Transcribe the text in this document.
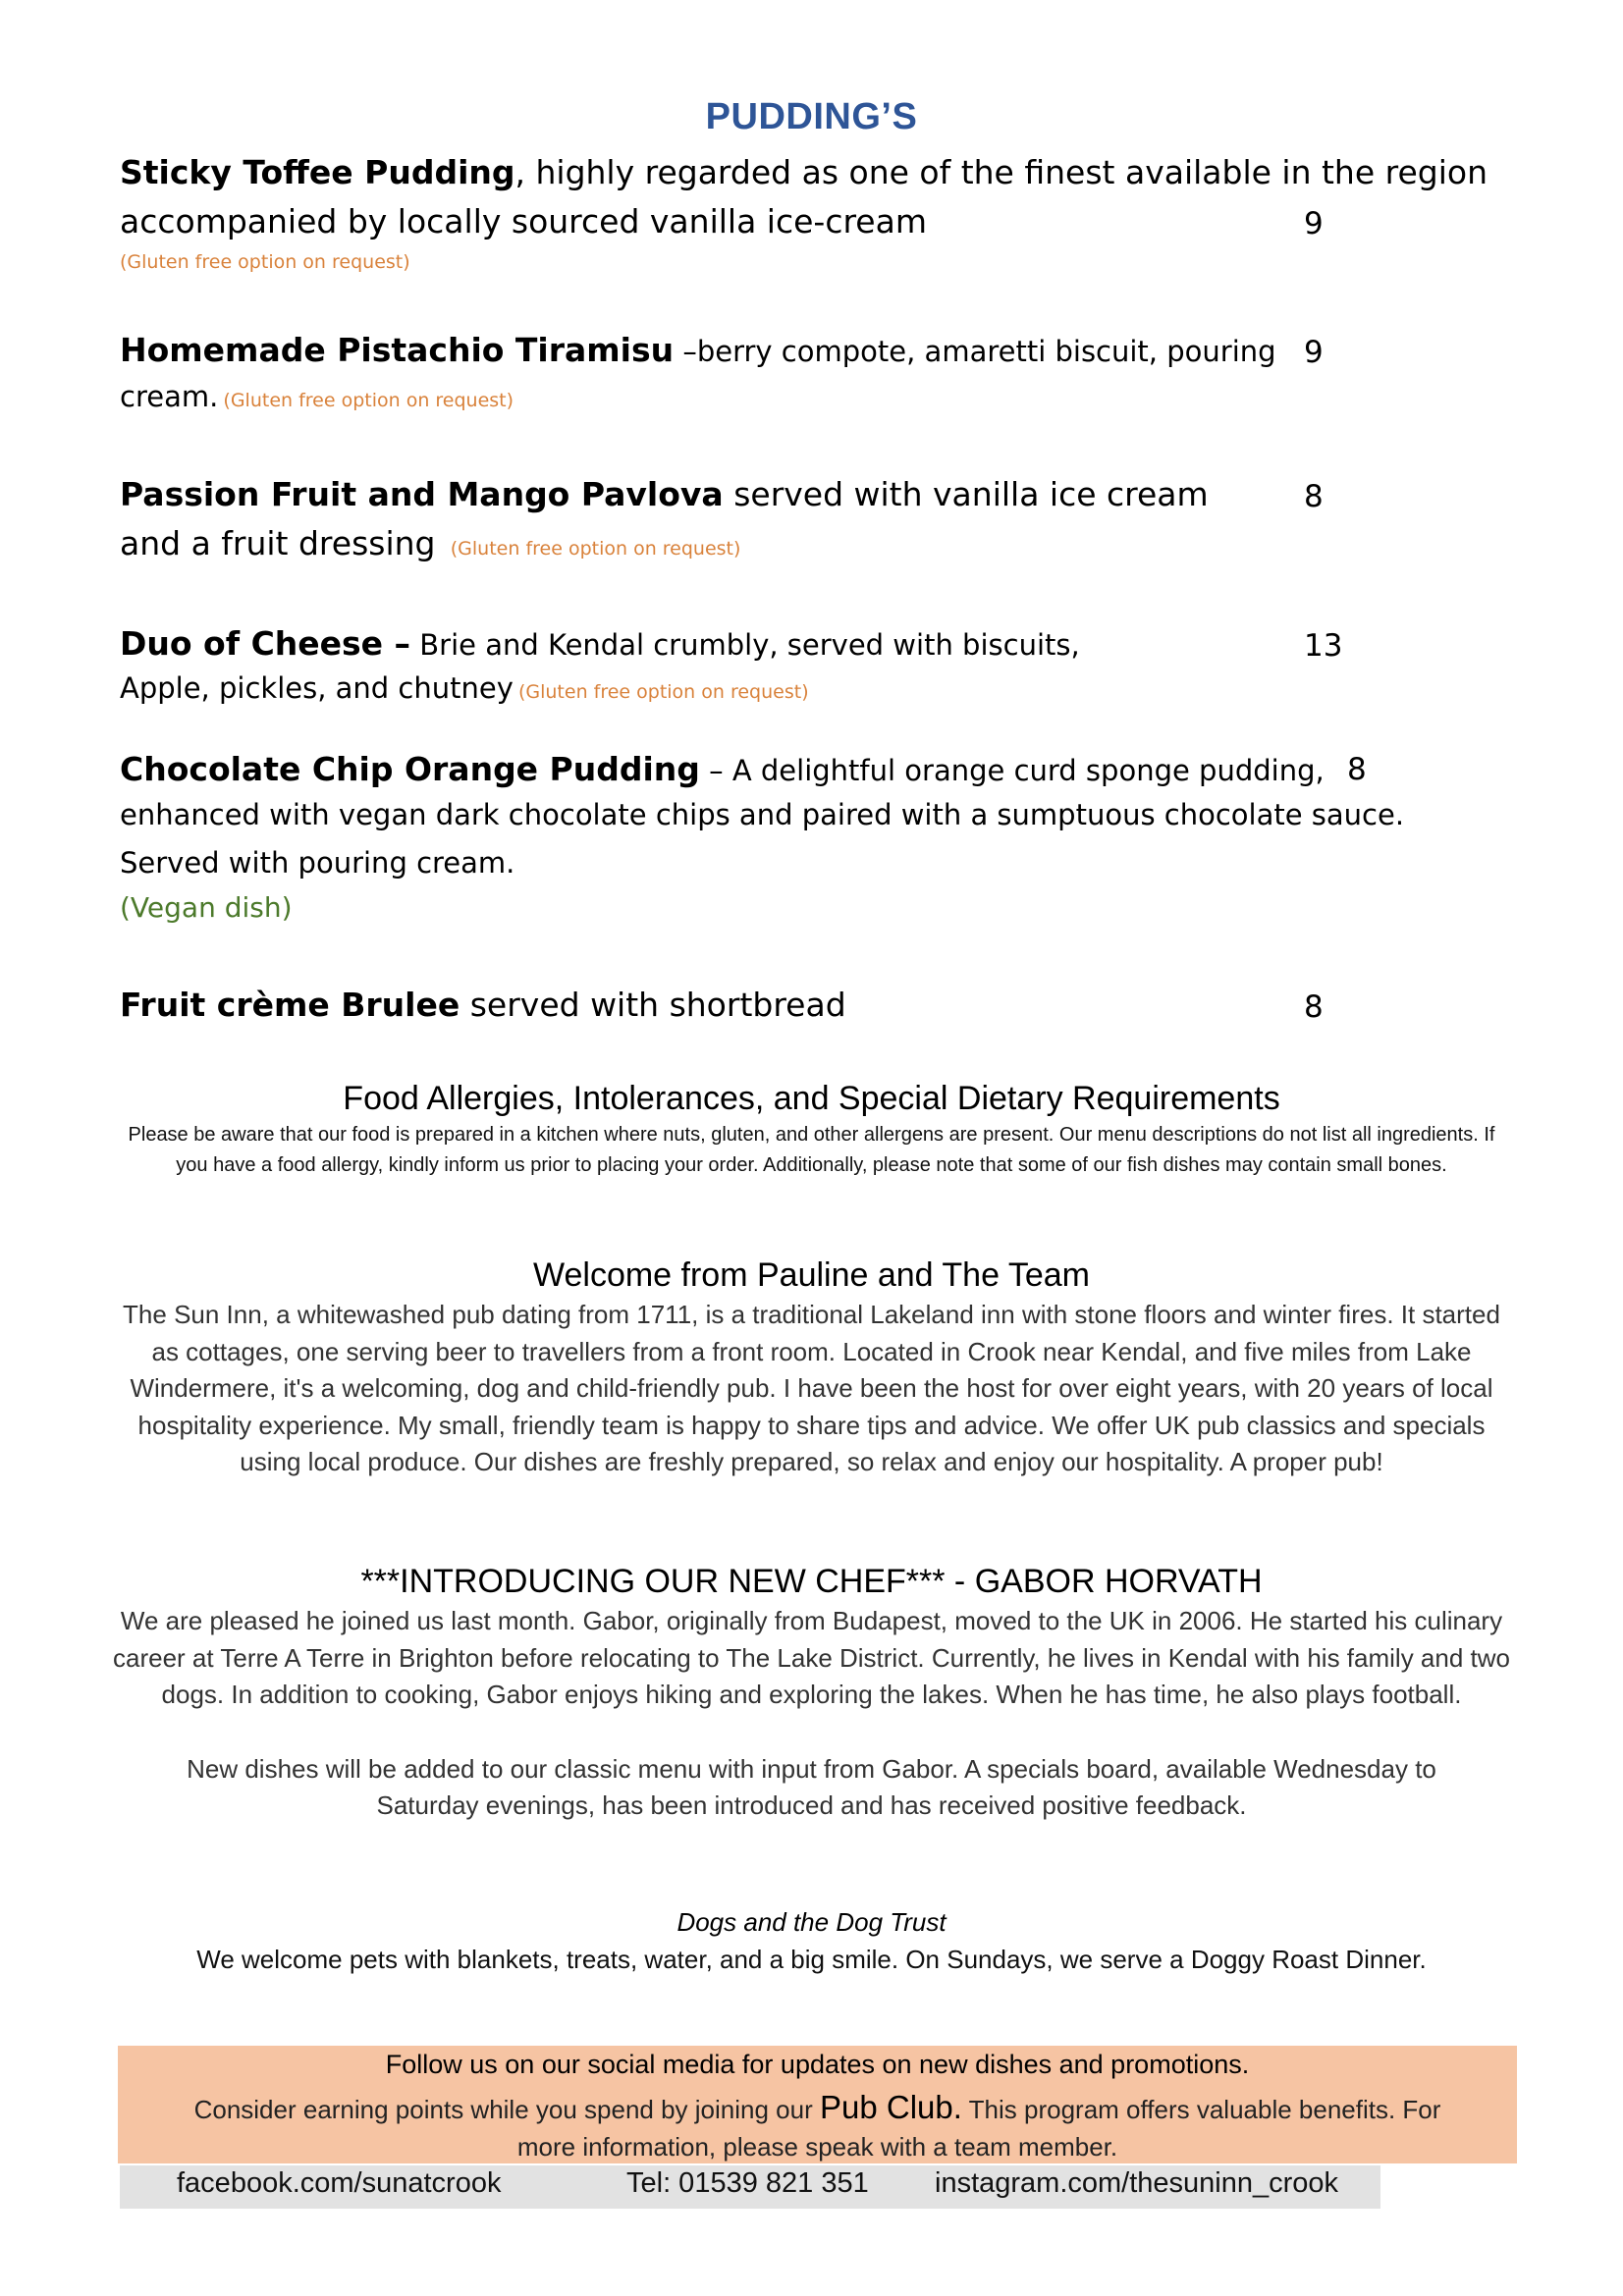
PUDDING’S
Sticky Toffee Pudding, highly regarded as one of the finest available in the region
accompanied by locally sourced vanilla ice-cream
(Gluten free option on request)
9
Homemade Pistachio Tiramisu –berry compote, amaretti biscuit, pouring
cream. (Gluten free option on request)
9
Passion Fruit and Mango Pavlova served with vanilla ice cream
and a fruit dressing (Gluten free option on request)
8
Duo of Cheese – Brie and Kendal crumbly, served with biscuits,
Apple, pickles, and chutney (Gluten free option on request)
13
Chocolate Chip Orange Pudding – A delightful orange curd sponge pudding,
enhanced with vegan dark chocolate chips and paired with a sumptuous chocolate sauce.
Served with pouring cream.
(Vegan dish)
8
Fruit crème Brulee served with shortbread	8
Food Allergies, Intolerances, and Special Dietary Requirements
Please be aware that our food is prepared in a kitchen where nuts, gluten, and other allergens are present. Our menu descriptions do not list all ingredients. If you have a food allergy, kindly inform us prior to placing your order. Additionally, please note that some of our fish dishes may contain small bones.
Welcome from Pauline and The Team
The Sun Inn, a whitewashed pub dating from 1711, is a traditional Lakeland inn with stone floors and winter fires. It started as cottages, one serving beer to travellers from a front room. Located in Crook near Kendal, and five miles from Lake Windermere, it's a welcoming, dog and child-friendly pub. I have been the host for over eight years, with 20 years of local hospitality experience. My small, friendly team is happy to share tips and advice. We offer UK pub classics and specials using local produce. Our dishes are freshly prepared, so relax and enjoy our hospitality. A proper pub!
***INTRODUCING OUR NEW CHEF*** - GABOR HORVATH
We are pleased he joined us last month. Gabor, originally from Budapest, moved to the UK in 2006. He started his culinary career at Terre A Terre in Brighton before relocating to The Lake District. Currently, he lives in Kendal with his family and two dogs. In addition to cooking, Gabor enjoys hiking and exploring the lakes. When he has time, he also plays football.
New dishes will be added to our classic menu with input from Gabor. A specials board, available Wednesday to Saturday evenings, has been introduced and has received positive feedback.
Dogs and the Dog Trust
We welcome pets with blankets, treats, water, and a big smile. On Sundays, we serve a Doggy Roast Dinner.
Follow us on our social media for updates on new dishes and promotions.
Consider earning points while you spend by joining our Pub Club. This program offers valuable benefits. For
more information, please speak with a team member.
facebook.com/sunatcrook	Tel: 01539 821 351 instagram.com/thesuninn_crook
